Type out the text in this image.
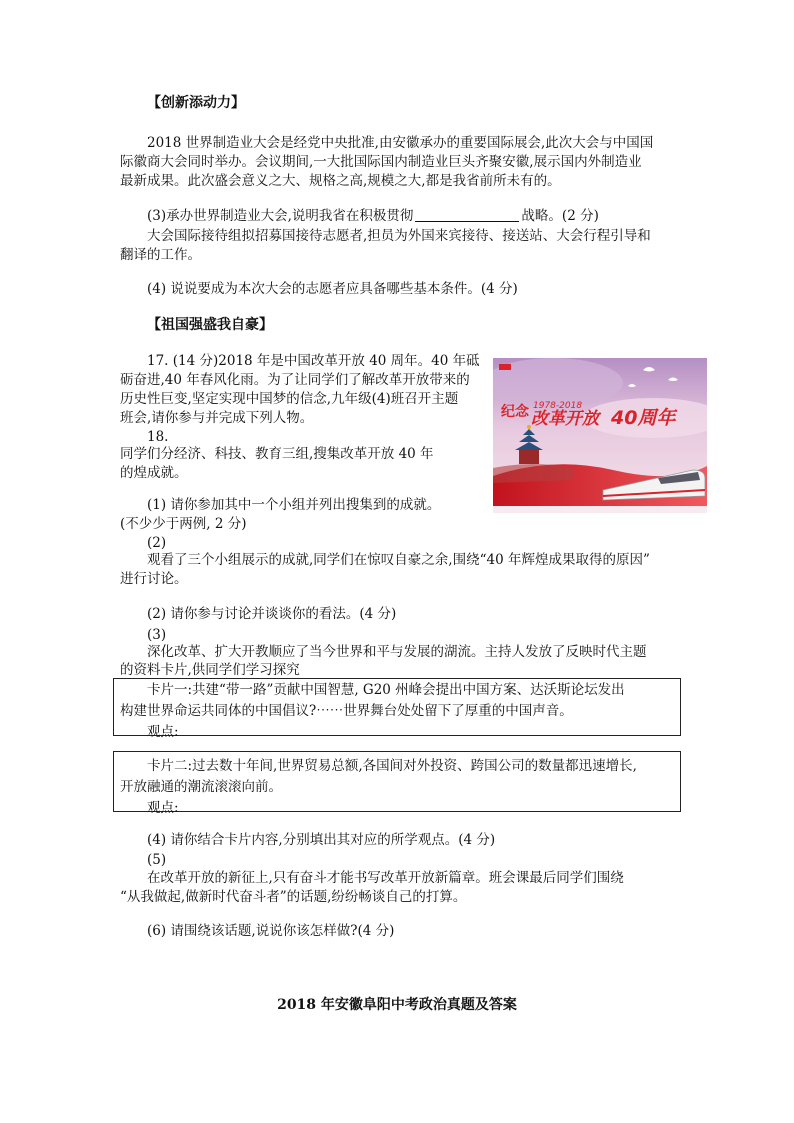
【创新添动力】
2018 世界制造业大会是经党中央批准,由安徽承办的重要国际展会,此次大会与中国国
际徽商大会同时举办。会议期间,一大批国际国内制造业巨头齐聚安徽,展示国内外制造业
最新成果。此次盛会意义之大、规格之高,规模之大,都是我省前所未有的。
(3)承办世界制造业大会,说明我省在积极贯彻	战略。(2 分)
大会国际接待组拟招募国接待志愿者,担员为外国来宾接待、接送站、大会行程引导和
翻译的工作。
(4) 说说要成为本次大会的志愿者应具备哪些基本条件。(4 分)
【祖国强盛我自豪】
17. (14 分)2018 年是中国改革开放 40 周年。40 年砥
砺奋进,40 年春风化雨。为了让同学们了解改革开放带来的
历史性巨变,坚定实现中国梦的信念,九年级(4)班召开主题
班会,请你参与并完成下列人物。
18.
同学们分经济、科技、教育三组,搜集改革开放 40 年
的煌成就。
纪念 1978-2018
改革开放 40周年
(1) 请你参加其中一个小组并列出搜集到的成就。
(不少少于两例, 2 分)
(2)
观看了三个小组展示的成就,同学们在惊叹自豪之余,围绕“40 年辉煌成果取得的原因”
进行讨论。
(2) 请你参与讨论并谈谈你的看法。(4 分)
(3)
深化改革、扩大开教顺应了当今世界和平与发展的湖流。主持人发放了反映时代主题
的资料卡片,供同学们学习探究

卡片一:共建“带一路”贡献中国智慧, G20 州峰会提出中国方案、达沃斯论坛发出

构建世界命运共同体的中国倡议?⋯⋯世界舞台处处留下了厚重的中国声音。

观点:

卡片二:过去数十年间,世界贸易总额,各国间对外投资、跨国公司的数量都迅速增长,

开放融通的潮流滚滚向前。

观点:

(4) 请你结合卡片内容,分别填出其对应的所学观点。(4 分)
(5)
在改革开放的新征上,只有奋斗才能书写改革开放新篇章。班会课最后同学们围绕
“从我做起,做新时代奋斗者”的话题,纷纷畅谈自己的打算。
(6) 请围绕该话题,说说你该怎样做?(4 分)
2018 年安徽阜阳中考政治真题及答案
